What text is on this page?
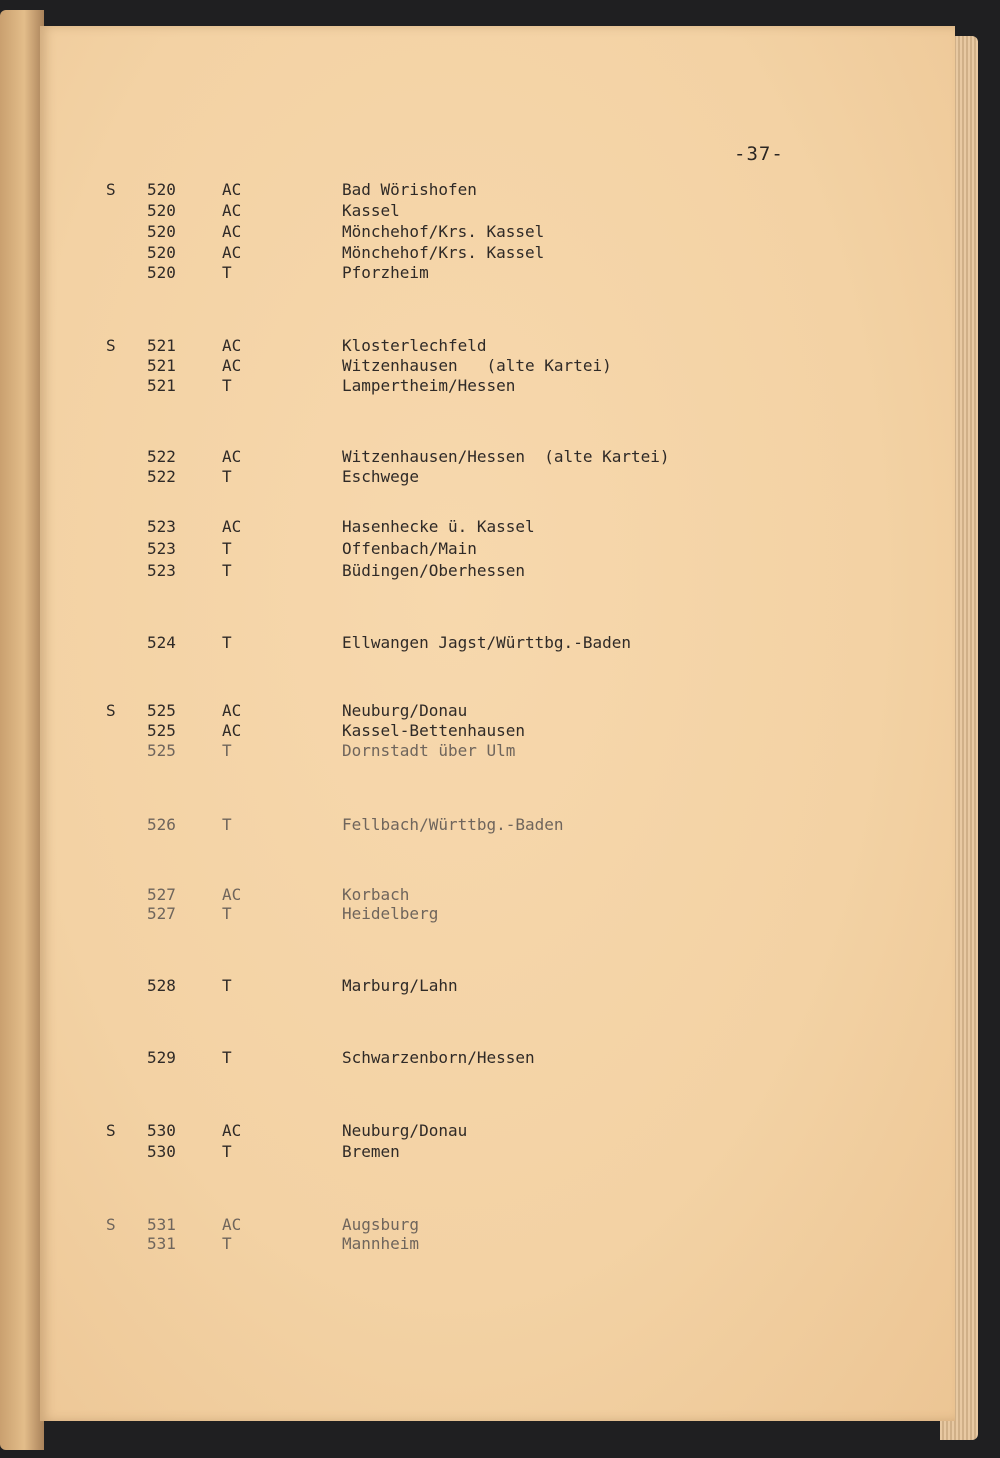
-37-
S 520	AC	Bad Wörishofen
520	AC	Kassel
520	AC	Mönchehof/Krs. Kassel
520	AC	Mönchehof/Krs. Kassel
520	T	Pforzheim
S 521	AC	Klosterlechfeld
521	AC	Witzenhausen   (alte Kartei)
521	T	Lampertheim/Hessen
522	AC	Witzenhausen/Hessen  (alte Kartei)
522	T	Eschwege
523	AC	Hasenhecke ü. Kassel
523	T	Offenbach/Main
523	T	Büdingen/Oberhessen
524	T	Ellwangen Jagst/Württbg.-Baden
S 525	AC	Neuburg/Donau
525	AC	Kassel-Bettenhausen
525	T	Dornstadt über Ulm
526	T	Fellbach/Württbg.-Baden
527	AC	Korbach
527	T	Heidelberg
528	T	Marburg/Lahn
529	T	Schwarzenborn/Hessen
S 530	AC	Neuburg/Donau
530	T	Bremen
S 531	AC	Augsburg
531	T	Mannheim
